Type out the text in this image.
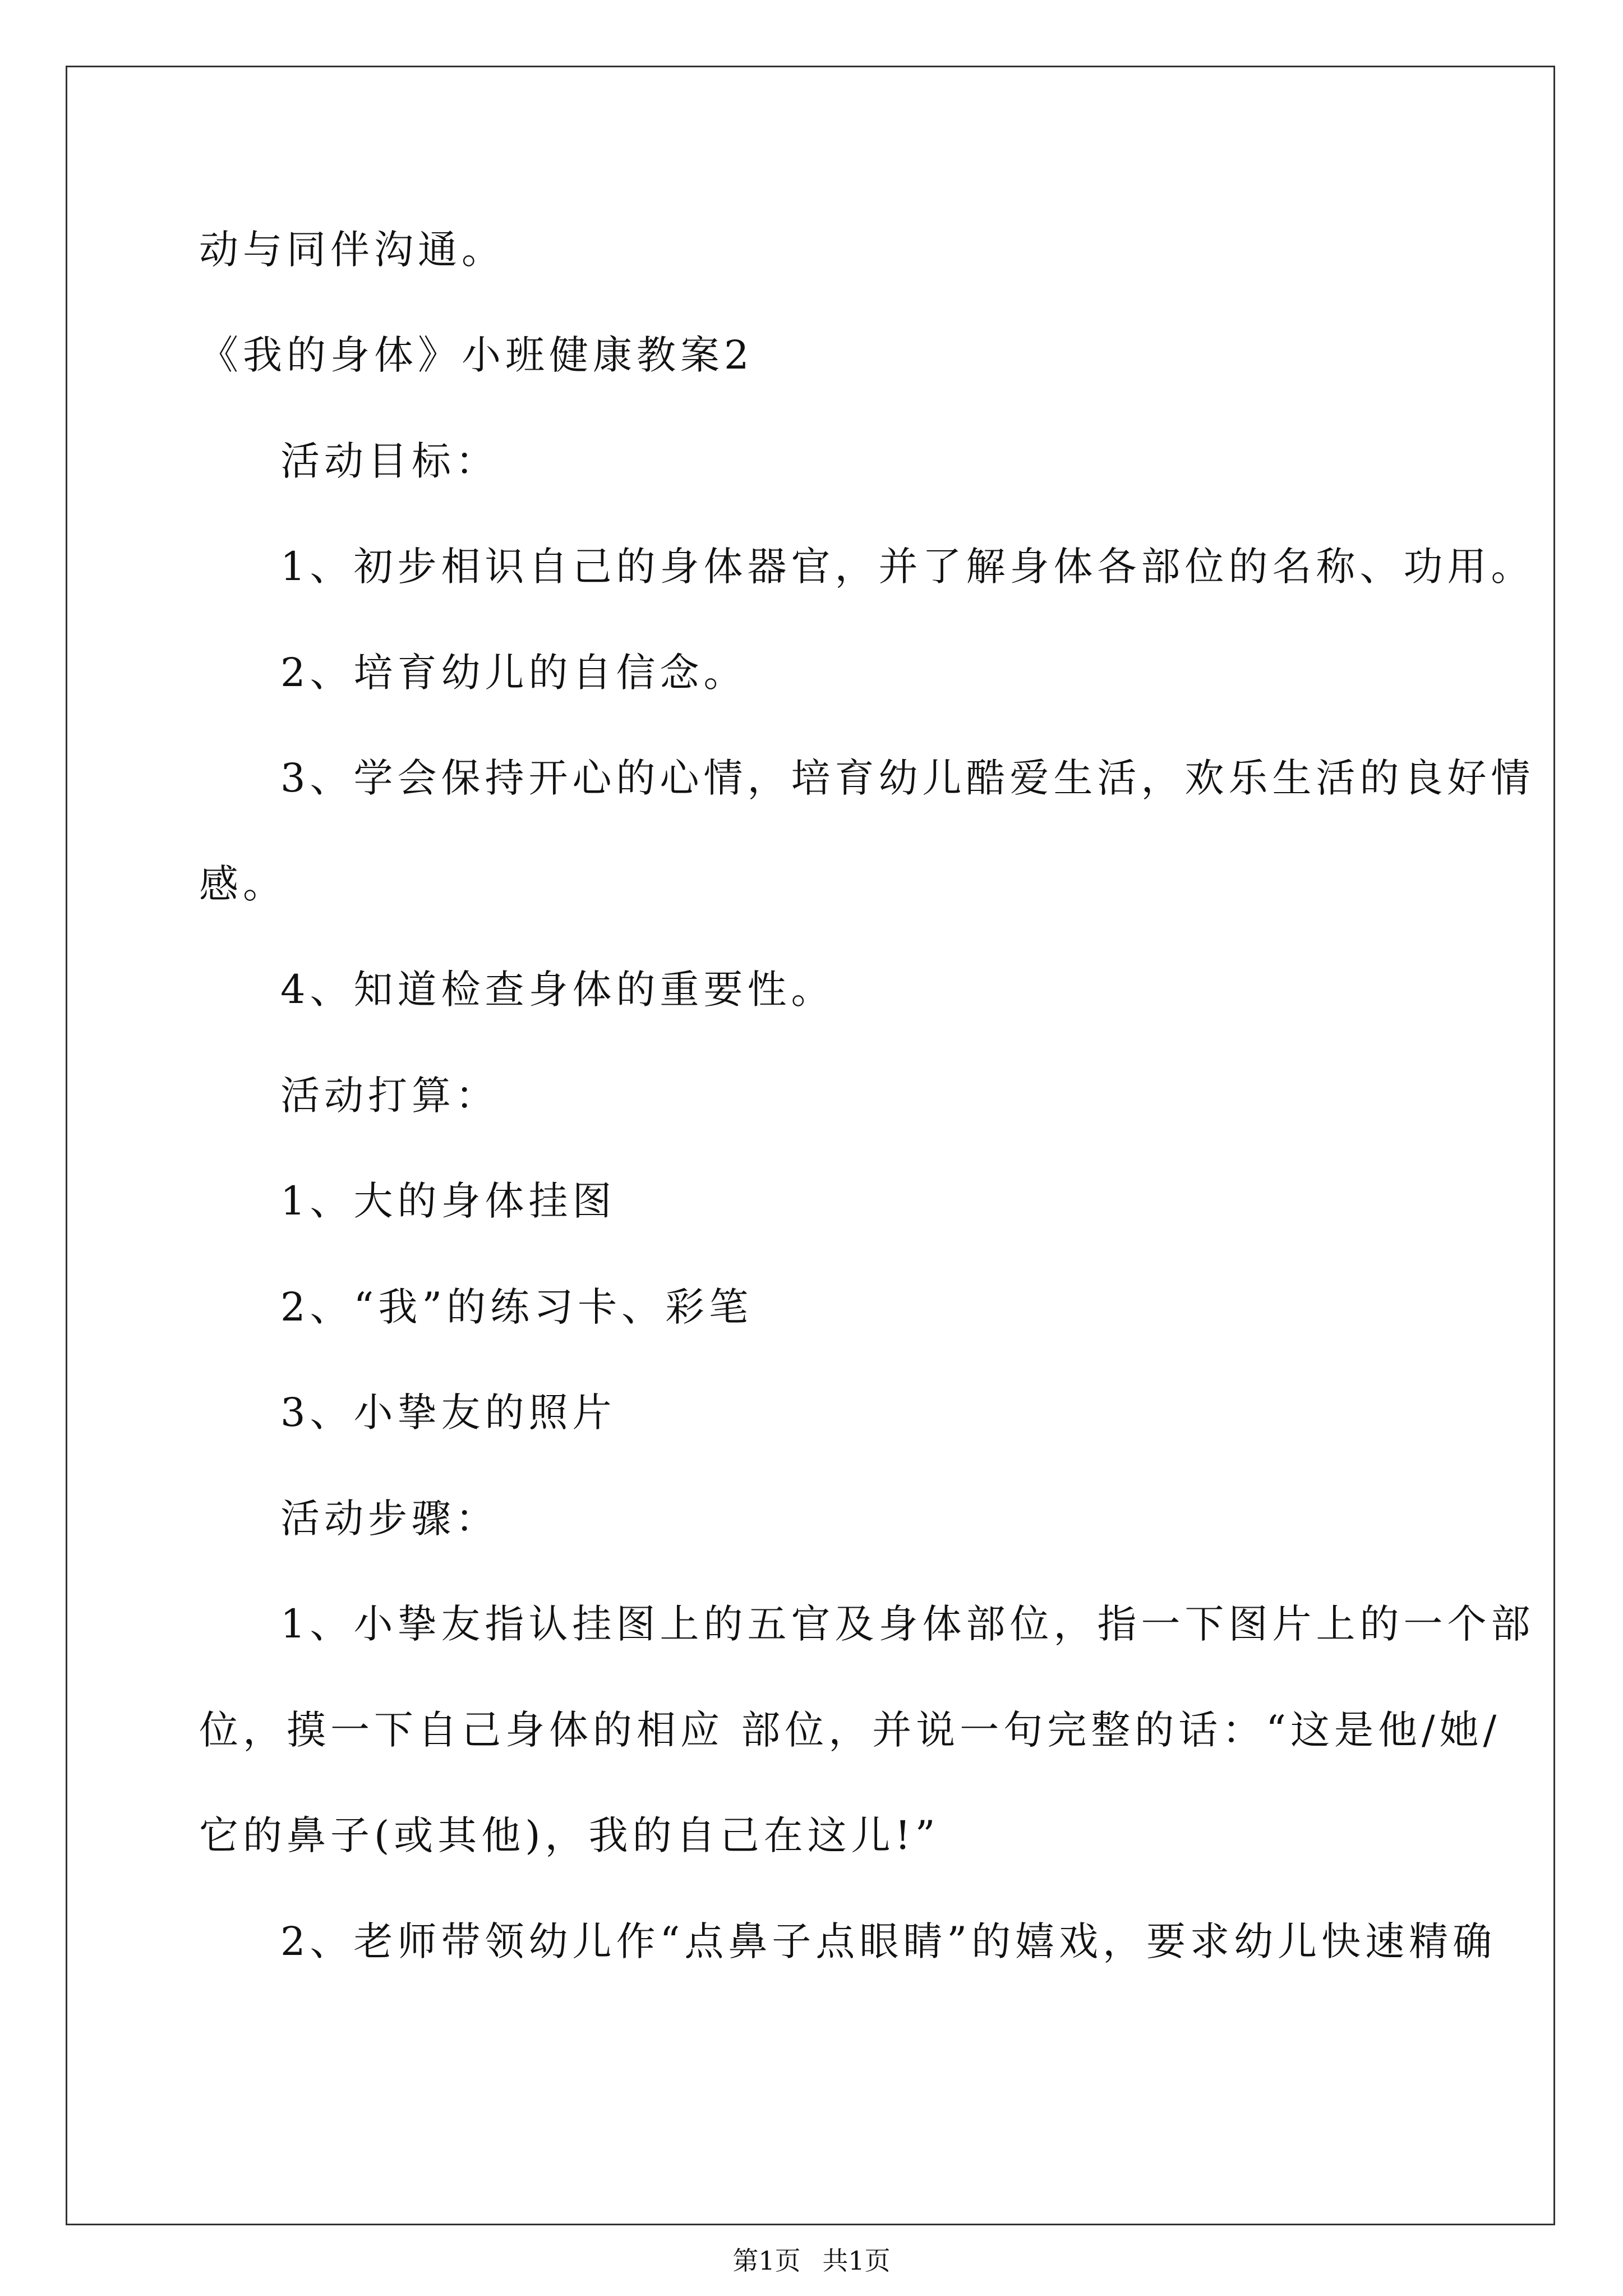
动与同伴沟通。
《我的身体》小班健康教案2
活动目标：
1、初步相识自己的身体器官，并了解身体各部位的名称、功用。
2、培育幼儿的自信念。
3、学会保持开心的心情，培育幼儿酷爱生活，欢乐生活的良好情
感。
4、知道检查身体的重要性。
活动打算：
1、大的身体挂图
2、“我”的练习卡、彩笔
3、小挚友的照片
活动步骤：
1、小挚友指认挂图上的五官及身体部位，指一下图片上的一个部
位，摸一下自己身体的相应 部位，并说一句完整的话：“这是他/她/
它的鼻子(或其他)，我的自己在这儿!”
2、老师带领幼儿作“点鼻子点眼睛”的嬉戏，要求幼儿快速精确
第1页 共1页
